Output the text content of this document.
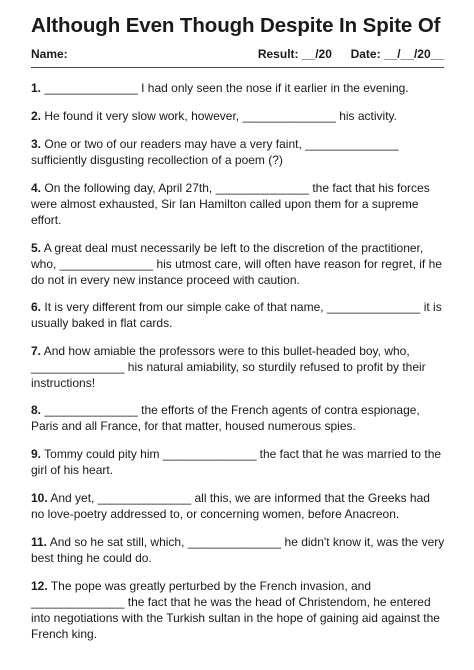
Although Even Though Despite In Spite Of
Name:	Result: __/20 Date: __/__/20__
1. ______________ I had only seen the nose if it earlier in the evening.
2. He found it very slow work, however, ______________ his activity.
3. One or two of our readers may have a very faint, ______________ sufficiently disgusting recollection of a poem (?)
4. On the following day, April 27th, ______________ the fact that his forces were almost exhausted, Sir Ian Hamilton called upon them for a supreme effort.
5. A great deal must necessarily be left to the discretion of the practitioner, who, ______________ his utmost care, will often have reason for regret, if he do not in every new instance proceed with caution.
6. It is very different from our simple cake of that name, ______________ it is usually baked in flat cards.
7. And how amiable the professors were to this bullet-headed boy, who, ______________ his natural amiability, so sturdily refused to profit by their instructions!
8. ______________ the efforts of the French agents of contra espionage, Paris and all France, for that matter, housed numerous spies.
9. Tommy could pity him ______________ the fact that he was married to the girl of his heart.
10. And yet, ______________ all this, we are informed that the Greeks had no love-poetry addressed to, or concerning women, before Anacreon.
11. And so he sat still, which, ______________ he didn't know it, was the very best thing he could do.
12. The pope was greatly perturbed by the French invasion, and ______________ the fact that he was the head of Christendom, he entered into negotiations with the Turkish sultan in the hope of gaining aid against the French king.
